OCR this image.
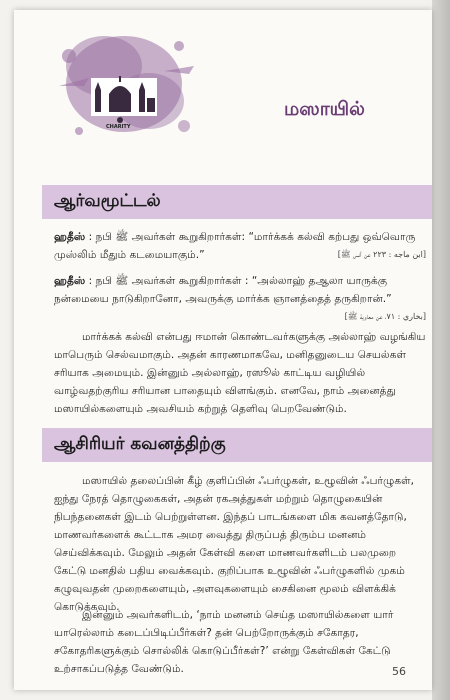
CHARITY
மஸாயில்
ஆர்வமூட்டல்
ஹதீஸ் : நபி ﷺ அவர்கள் கூறுகிறார்கள்: “மார்க்கக் கல்வி கற்பது ஒவ்வொரு முஸ்லிம் மீதும் கடமையாகும்.”	[ابن ماجه : ٢٢٣ عن أنس ﷺ]
ஹதீஸ் : நபி ﷺ அவர்கள் கூறுகிறார்கள் : “அல்லாஹ் தஆலா யாருக்கு நன்மையை நாடுகிறானோ, அவருக்கு மார்க்க ஞானத்தைத் தருகிறான்.”
[بخاري : ٧١، عن معاوية ﷺ]
மார்க்கக் கல்வி என்பது ஈமான் கொண்டவர்களுக்கு அல்லாஹ் வழங்கிய மாபெரும் செல்வமாகும். அதன் காரணமாகவே, மனிதனுடைய செயல்கள் சரியாக அமையும். இன்னும் அல்லாஹ், ரஸூல் காட்டிய வழியில் வாழ்வதற்குரிய சரியான பாதையும் விளங்கும். எனவே, நாம் அனைத்து மஸாயில்களையும் அவசியம் கற்றுத் தெளிவு பெறவேண்டும்.
ஆசிரியர் கவனத்திற்கு
மஸாயில் தலைப்பின் கீழ் குளிப்பின் ஃபர்ழுகள், உழூவின் ஃபர்ழுகள், ஐந்து நேரத் தொழுகைகள், அதன் ரகஅத்துகள் மற்றும் தொழுகையின் நிபந்தனைகள் இடம் பெற்றுள்ளன. இந்தப் பாடங்களை மிக கவனத்தோடு, மாணவர்களைக் கூட்டாக அமர வைத்து திருப்பத் திரும்ப மனனம் செய்விக்கவும். மேலும் அதன் கேள்வி களை மாணவர்களிடம் பலமுறை கேட்டு மனதில் பதிய வைக்கவும். குறிப்பாக உழூவின் ஃபர்ழுகளில் முகம் கழுவுவதன் முறைகளையும், அளவுகளையும் சைகினை மூலம் விளக்கிக் கொடுக்கவும்.
இன்னும் அவர்களிடம், ‘நாம் மனனம் செய்த மஸாயில்களை யார் யாரெல்லாம் கடைப்பிடிப்பீர்கள்? தன் பெற்றோருக்கும் சகோதர, சகோதரிகளுக்கும் சொல்லிக் கொடுப்பீர்கள்?’ என்று கேள்விகள் கேட்டு உற்சாகப்படுத்த வேண்டும்.	56
